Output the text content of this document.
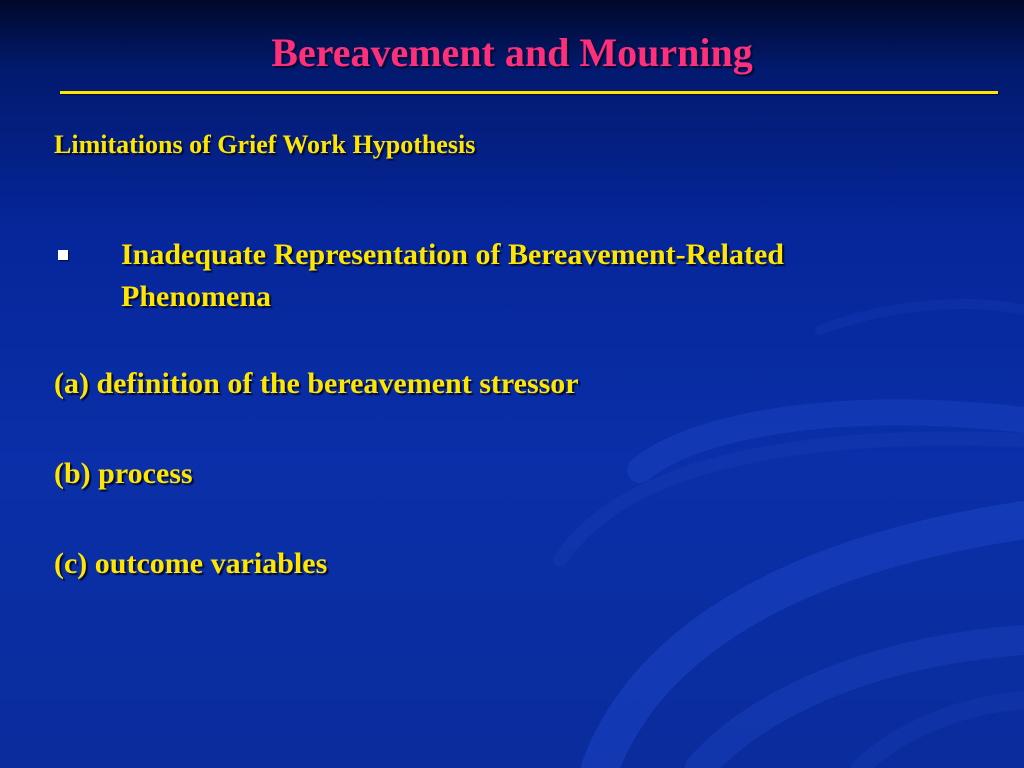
Bereavement and Mourning
Limitations of Grief Work Hypothesis

Inadequate Representation of Bereavement-Related Phenomena

(a) definition of the bereavement stressor

(b) process

(c) outcome variables
